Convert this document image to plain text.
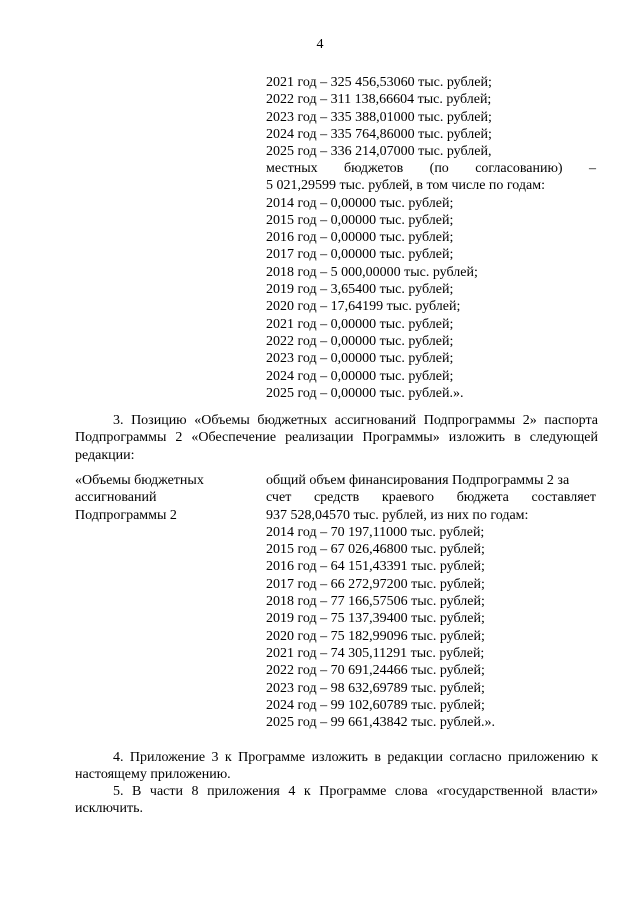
4
2021 год – 325 456,53060 тыс. рублей;
2022 год – 311 138,66604 тыс. рублей;
2023 год – 335 388,01000 тыс. рублей;
2024 год – 335 764,86000 тыс. рублей;
2025 год – 336 214,07000 тыс. рублей,
местных бюджетов (по согласованию) –
5 021,29599 тыс. рублей, в том числе по годам:
2014 год – 0,00000 тыс. рублей;
2015 год – 0,00000 тыс. рублей;
2016 год – 0,00000 тыс. рублей;
2017 год – 0,00000 тыс. рублей;
2018 год – 5 000,00000 тыс. рублей;
2019 год – 3,65400 тыс. рублей;
2020 год – 17,64199 тыс. рублей;
2021 год – 0,00000 тыс. рублей;
2022 год – 0,00000 тыс. рублей;
2023 год – 0,00000 тыс. рублей;
2024 год – 0,00000 тыс. рублей;
2025 год – 0,00000 тыс. рублей.».

3. Позицию «Объемы бюджетных ассигнований Подпрограммы 2» паспорта Подпрограммы 2 «Обеспечение реализации Программы» изложить в следующей редакции:

«Объемы бюджетных
ассигнований
Подпрограммы 2
общий объем финансирования Подпрограммы 2 за
счет средств краевого бюджета составляет
937 528,04570 тыс. рублей, из них по годам:
2014 год – 70 197,11000 тыс. рублей;
2015 год – 67 026,46800 тыс. рублей;
2016 год – 64 151,43391 тыс. рублей;
2017 год – 66 272,97200 тыс. рублей;
2018 год – 77 166,57506 тыс. рублей;
2019 год – 75 137,39400 тыс. рублей;
2020 год – 75 182,99096 тыс. рублей;
2021 год – 74 305,11291 тыс. рублей;
2022 год – 70 691,24466 тыс. рублей;
2023 год – 98 632,69789 тыс. рублей;
2024 год – 99 102,60789 тыс. рублей;
2025 год – 99 661,43842 тыс. рублей.».

4. Приложение 3 к Программе изложить в редакции согласно приложению к настоящему приложению.

5. В части 8 приложения 4 к Программе слова «государственной власти» исключить.
